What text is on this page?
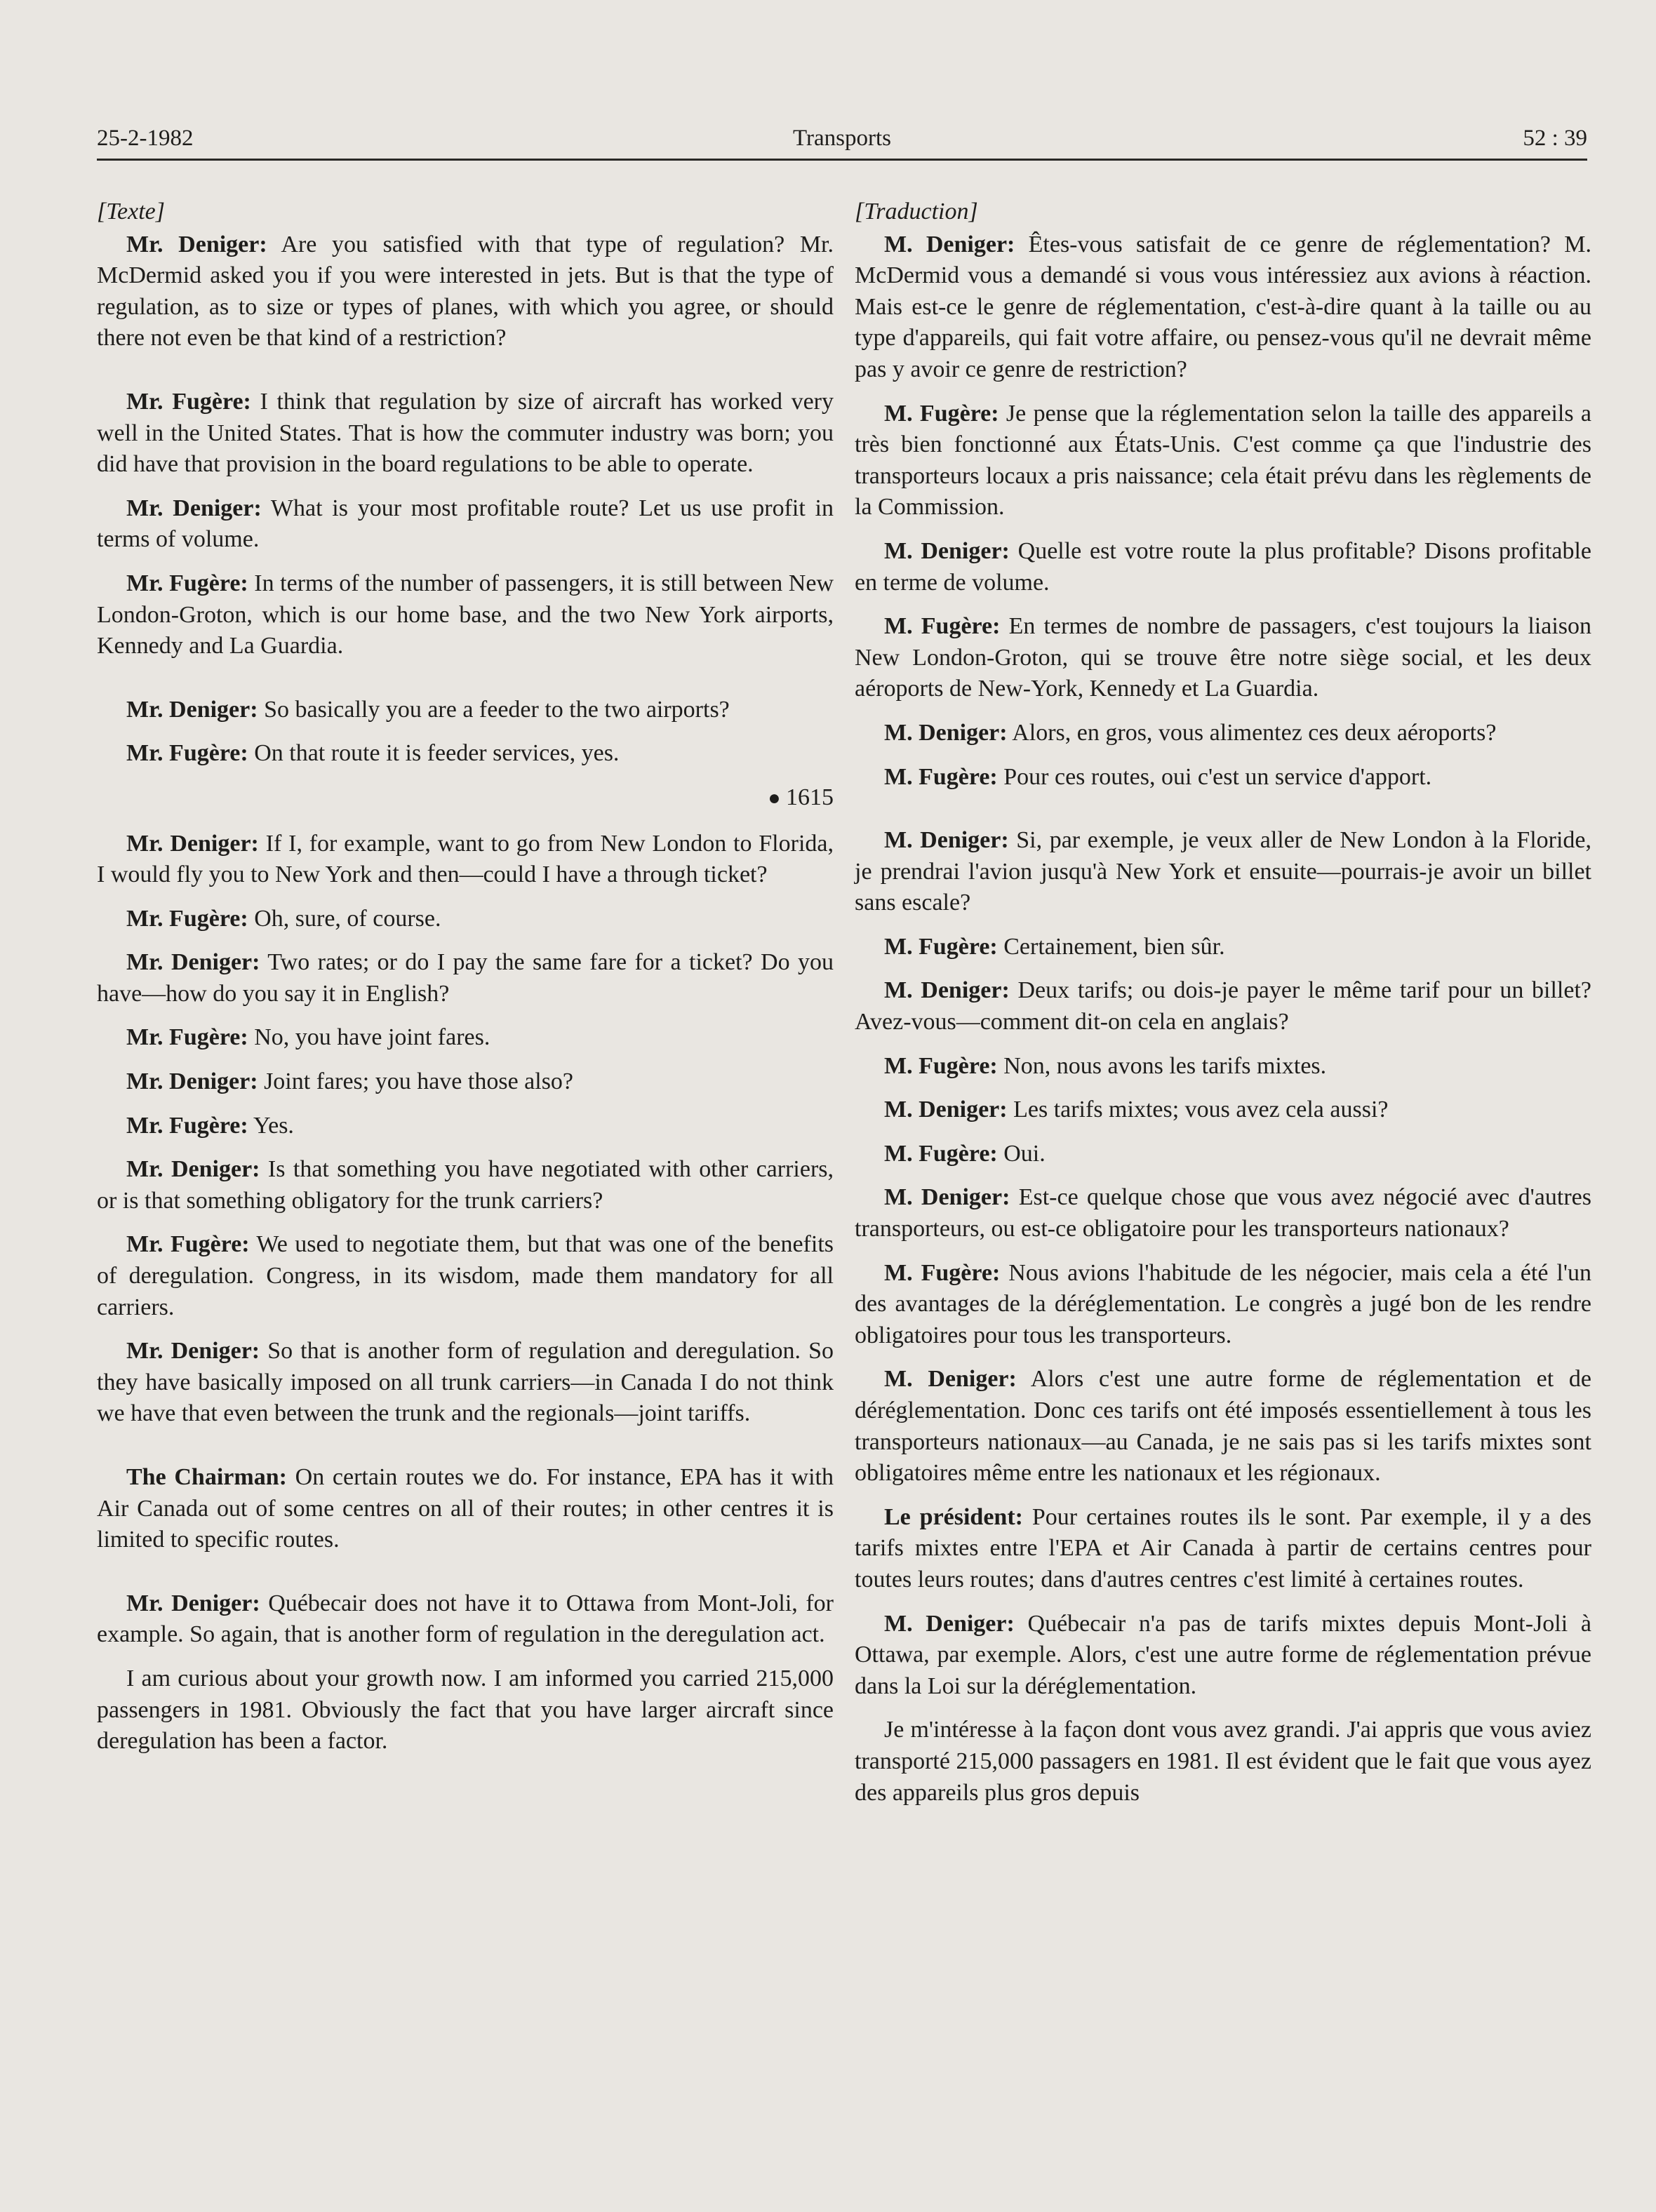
25-2-1982	Transports	52 : 39
[Texte]

Mr. Deniger: Are you satisfied with that type of regulation? Mr. McDermid asked you if you were interested in jets. But is that the type of regulation, as to size or types of planes, with which you agree, or should there not even be that kind of a restriction?

Mr. Fugère: I think that regulation by size of aircraft has worked very well in the United States. That is how the commuter industry was born; you did have that provision in the board regulations to be able to operate.

Mr. Deniger: What is your most profitable route? Let us use profit in terms of volume.

Mr. Fugère: In terms of the number of passengers, it is still between New London-Groton, which is our home base, and the two New York airports, Kennedy and La Guardia.

Mr. Deniger: So basically you are a feeder to the two airports?

Mr. Fugère: On that route it is feeder services, yes.

● 1615

Mr. Deniger: If I, for example, want to go from New London to Florida, I would fly you to New York and then—could I have a through ticket?

Mr. Fugère: Oh, sure, of course.

Mr. Deniger: Two rates; or do I pay the same fare for a ticket? Do you have—how do you say it in English?

Mr. Fugère: No, you have joint fares.

Mr. Deniger: Joint fares; you have those also?

Mr. Fugère: Yes.

Mr. Deniger: Is that something you have negotiated with other carriers, or is that something obligatory for the trunk carriers?

Mr. Fugère: We used to negotiate them, but that was one of the benefits of deregulation. Congress, in its wisdom, made them mandatory for all carriers.

Mr. Deniger: So that is another form of regulation and deregulation. So they have basically imposed on all trunk carriers—in Canada I do not think we have that even between the trunk and the regionals—joint tariffs.

The Chairman: On certain routes we do. For instance, EPA has it with Air Canada out of some centres on all of their routes; in other centres it is limited to specific routes.

Mr. Deniger: Québecair does not have it to Ottawa from Mont-Joli, for example. So again, that is another form of regulation in the deregulation act.

I am curious about your growth now. I am informed you carried 215,000 passengers in 1981. Obviously the fact that you have larger aircraft since deregulation has been a factor.

[Traduction]

M. Deniger: Êtes-vous satisfait de ce genre de réglementation? M. McDermid vous a demandé si vous vous intéressiez aux avions à réaction. Mais est-ce le genre de réglementation, c'est-à-dire quant à la taille ou au type d'appareils, qui fait votre affaire, ou pensez-vous qu'il ne devrait même pas y avoir ce genre de restriction?

M. Fugère: Je pense que la réglementation selon la taille des appareils a très bien fonctionné aux États-Unis. C'est comme ça que l'industrie des transporteurs locaux a pris naissance; cela était prévu dans les règlements de la Commission.

M. Deniger: Quelle est votre route la plus profitable? Disons profitable en terme de volume.

M. Fugère: En termes de nombre de passagers, c'est toujours la liaison New London-Groton, qui se trouve être notre siège social, et les deux aéroports de New-York, Kennedy et La Guardia.

M. Deniger: Alors, en gros, vous alimentez ces deux aéroports?

M. Fugère: Pour ces routes, oui c'est un service d'apport.

M. Deniger: Si, par exemple, je veux aller de New London à la Floride, je prendrai l'avion jusqu'à New York et ensuite—pourrais-je avoir un billet sans escale?

M. Fugère: Certainement, bien sûr.

M. Deniger: Deux tarifs; ou dois-je payer le même tarif pour un billet? Avez-vous—comment dit-on cela en anglais?

M. Fugère: Non, nous avons les tarifs mixtes.

M. Deniger: Les tarifs mixtes; vous avez cela aussi?

M. Fugère: Oui.

M. Deniger: Est-ce quelque chose que vous avez négocié avec d'autres transporteurs, ou est-ce obligatoire pour les transporteurs nationaux?

M. Fugère: Nous avions l'habitude de les négocier, mais cela a été l'un des avantages de la déréglementation. Le congrès a jugé bon de les rendre obligatoires pour tous les transporteurs.

M. Deniger: Alors c'est une autre forme de réglementation et de déréglementation. Donc ces tarifs ont été imposés essentiellement à tous les transporteurs nationaux—au Canada, je ne sais pas si les tarifs mixtes sont obligatoires même entre les nationaux et les régionaux.

Le président: Pour certaines routes ils le sont. Par exemple, il y a des tarifs mixtes entre l'EPA et Air Canada à partir de certains centres pour toutes leurs routes; dans d'autres centres c'est limité à certaines routes.

M. Deniger: Québecair n'a pas de tarifs mixtes depuis Mont-Joli à Ottawa, par exemple. Alors, c'est une autre forme de réglementation prévue dans la Loi sur la déréglementation.

Je m'intéresse à la façon dont vous avez grandi. J'ai appris que vous aviez transporté 215,000 passagers en 1981. Il est évident que le fait que vous ayez des appareils plus gros depuis
